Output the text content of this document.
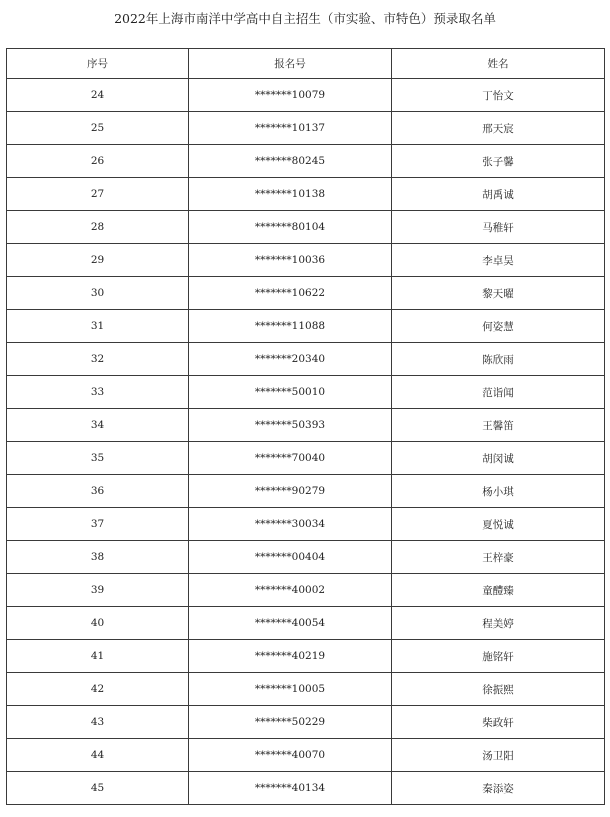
2022年上海市南洋中学高中自主招生（市实验、市特色）预录取名单
序号	报名号	姓名
24	*******10079	丁怡文
25	*******10137	邢天宸
26	*******80245	张子馨
27	*******10138	胡禹诚
28	*******80104	马稚轩
29	*******10036	李卓昊
30	*******10622	黎天曜
31	*******11088	何姿慧
32	*******20340	陈欣雨
33	*******50010	范诣闻
34	*******50393	王馨笛
35	*******70040	胡闵诚
36	*******90279	杨小琪
37	*******30034	夏悦诚
38	*******00404	王梓豪
39	*******40002	童醴臻
40	*******40054	程美婷
41	*******40219	施铭轩
42	*******10005	徐振熙
43	*******50229	柴政轩
44	*******40070	汤卫阳
45	*******40134	秦添姿
